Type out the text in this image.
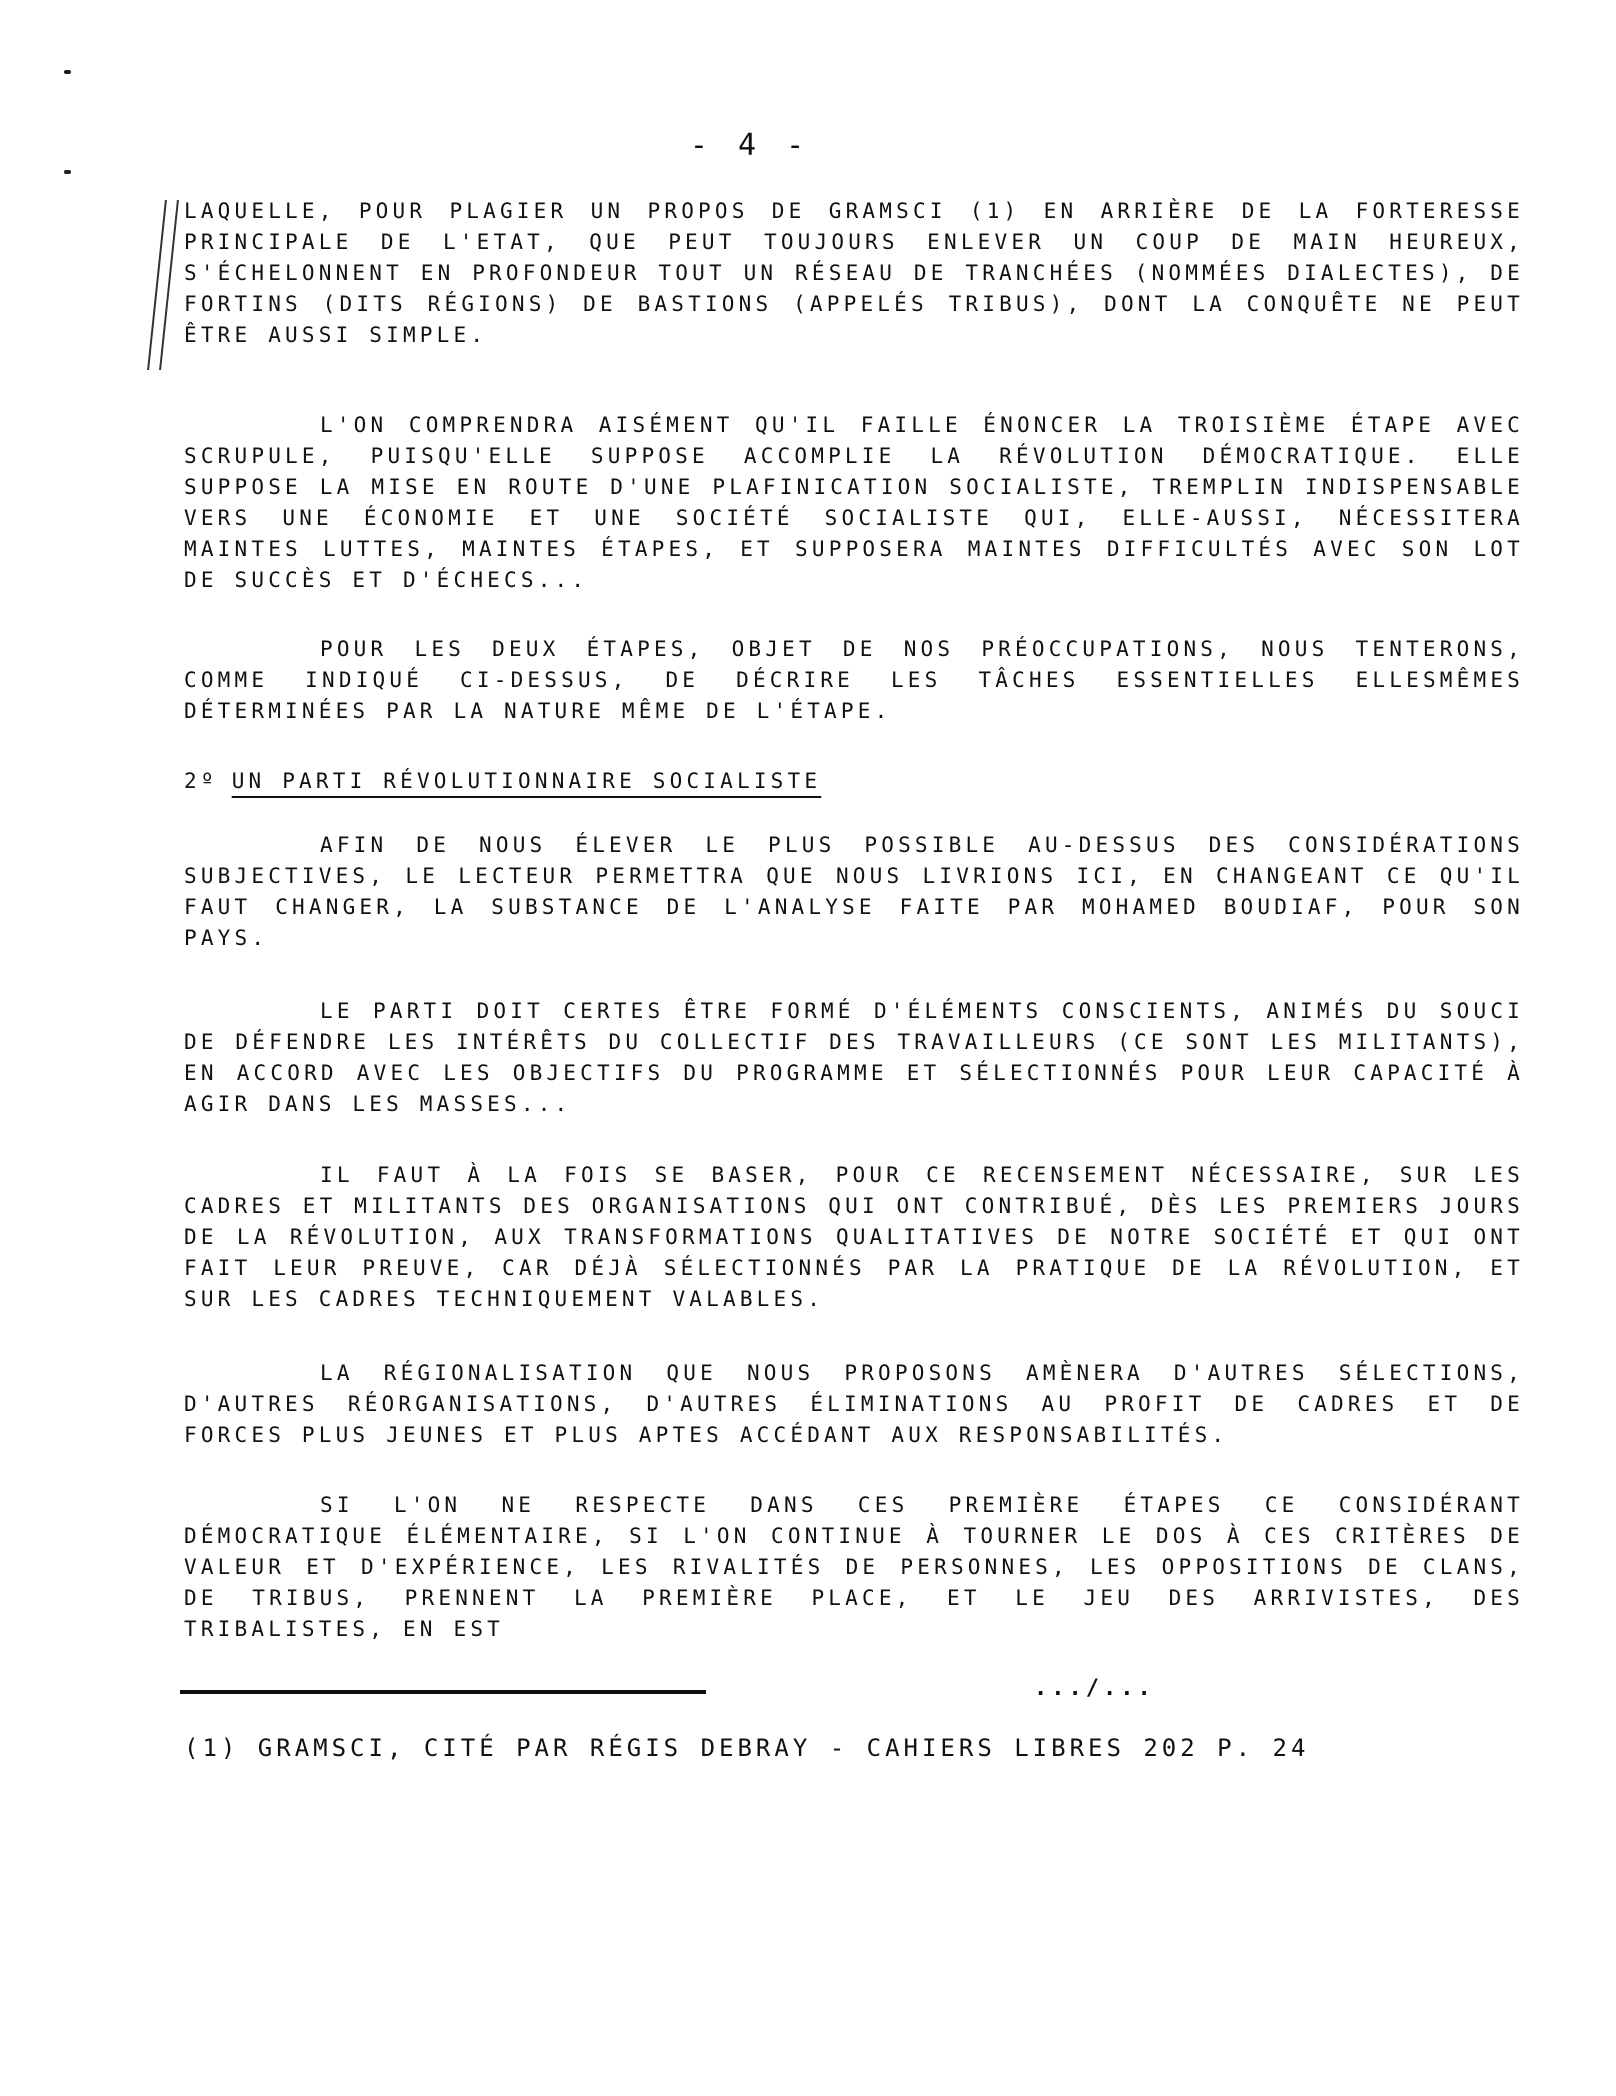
- 4 -

LAQUELLE, POUR PLAGIER UN PROPOS DE GRAMSCI (1) EN ARRIÈRE DE LA FORTERESSE PRINCIPALE DE L'ETAT, QUE PEUT TOUJOURS ENLEVER UN COUP DE MAIN HEUREUX, S'ÉCHELONNENT EN PROFONDEUR TOUT UN RÉSEAU DE TRANCHÉES (NOMMÉES DIALECTES), DE FORTINS (DITS RÉGIONS) DE BASTIONS (APPELÉS TRIBUS), DONT LA CONQUÊTE NE PEUT ÊTRE AUSSI SIMPLE.

L'ON COMPRENDRA AISÉMENT QU'IL FAILLE ÉNONCER LA TROISIÈME ÉTAPE AVEC SCRUPULE, PUISQU'ELLE SUPPOSE ACCOMPLIE LA RÉVOLUTION DÉMOCRATIQUE. ELLE SUPPOSE LA MISE EN ROUTE D'UNE PLAFINICATION SOCIALISTE, TREMPLIN INDISPENSABLE VERS UNE ÉCONOMIE ET UNE SOCIÉTÉ SOCIALISTE QUI, ELLE-AUSSI, NÉCESSITERA MAINTES LUTTES, MAINTES ÉTAPES, ET SUPPOSERA MAINTES DIFFICULTÉS AVEC SON LOT DE SUCCÈS ET D'ÉCHECS...

POUR LES DEUX ÉTAPES, OBJET DE NOS PRÉOCCUPATIONS, NOUS TENTERONS, COMME INDIQUÉ CI-DESSUS, DE DÉCRIRE LES TÂCHES ESSENTIELLES ELLESMÊMES DÉTERMINÉES PAR LA NATURE MÊME DE L'ÉTAPE.

2º UN PARTI RÉVOLUTIONNAIRE SOCIALISTE

AFIN DE NOUS ÉLEVER LE PLUS POSSIBLE AU-DESSUS DES CONSIDÉRATIONS SUBJECTIVES, LE LECTEUR PERMETTRA QUE NOUS LIVRIONS ICI, EN CHANGEANT CE QU'IL FAUT CHANGER, LA SUBSTANCE DE L'ANALYSE FAITE PAR MOHAMED BOUDIAF, POUR SON PAYS.

LE PARTI DOIT CERTES ÊTRE FORMÉ D'ÉLÉMENTS CONSCIENTS, ANIMÉS DU SOUCI DE DÉFENDRE LES INTÉRÊTS DU COLLECTIF DES TRAVAILLEURS (CE SONT LES MILITANTS), EN ACCORD AVEC LES OBJECTIFS DU PROGRAMME ET SÉLECTIONNÉS POUR LEUR CAPACITÉ À AGIR DANS LES MASSES...

IL FAUT À LA FOIS SE BASER, POUR CE RECENSEMENT NÉCESSAIRE, SUR LES CADRES ET MILITANTS DES ORGANISATIONS QUI ONT CONTRIBUÉ, DÈS LES PREMIERS JOURS DE LA RÉVOLUTION, AUX TRANSFORMATIONS QUALITATIVES DE NOTRE SOCIÉTÉ ET QUI ONT FAIT LEUR PREUVE, CAR DÉJÀ SÉLECTIONNÉS PAR LA PRATIQUE DE LA RÉVOLUTION, ET SUR LES CADRES TECHNIQUEMENT VALABLES.

LA RÉGIONALISATION QUE NOUS PROPOSONS AMÈNERA D'AUTRES SÉLECTIONS, D'AUTRES RÉORGANISATIONS, D'AUTRES ÉLIMINATIONS AU PROFIT DE CADRES ET DE FORCES PLUS JEUNES ET PLUS APTES ACCÉDANT AUX RESPONSABILITÉS.

SI L'ON NE RESPECTE DANS CES PREMIÈRE ÉTAPES CE CONSIDÉRANT DÉMOCRATIQUE ÉLÉMENTAIRE, SI L'ON CONTINUE À TOURNER LE DOS À CES CRITÈRES DE VALEUR ET D'EXPÉRIENCE, LES RIVALITÉS DE PERSONNES, LES OPPOSITIONS DE CLANS, DE TRIBUS, PRENNENT LA PREMIÈRE PLACE, ET LE JEU DES ARRIVISTES, DES TRIBALISTES, EN EST

.../...
(1) GRAMSCI, CITÉ PAR RÉGIS DEBRAY - CAHIERS LIBRES 202 P. 24
